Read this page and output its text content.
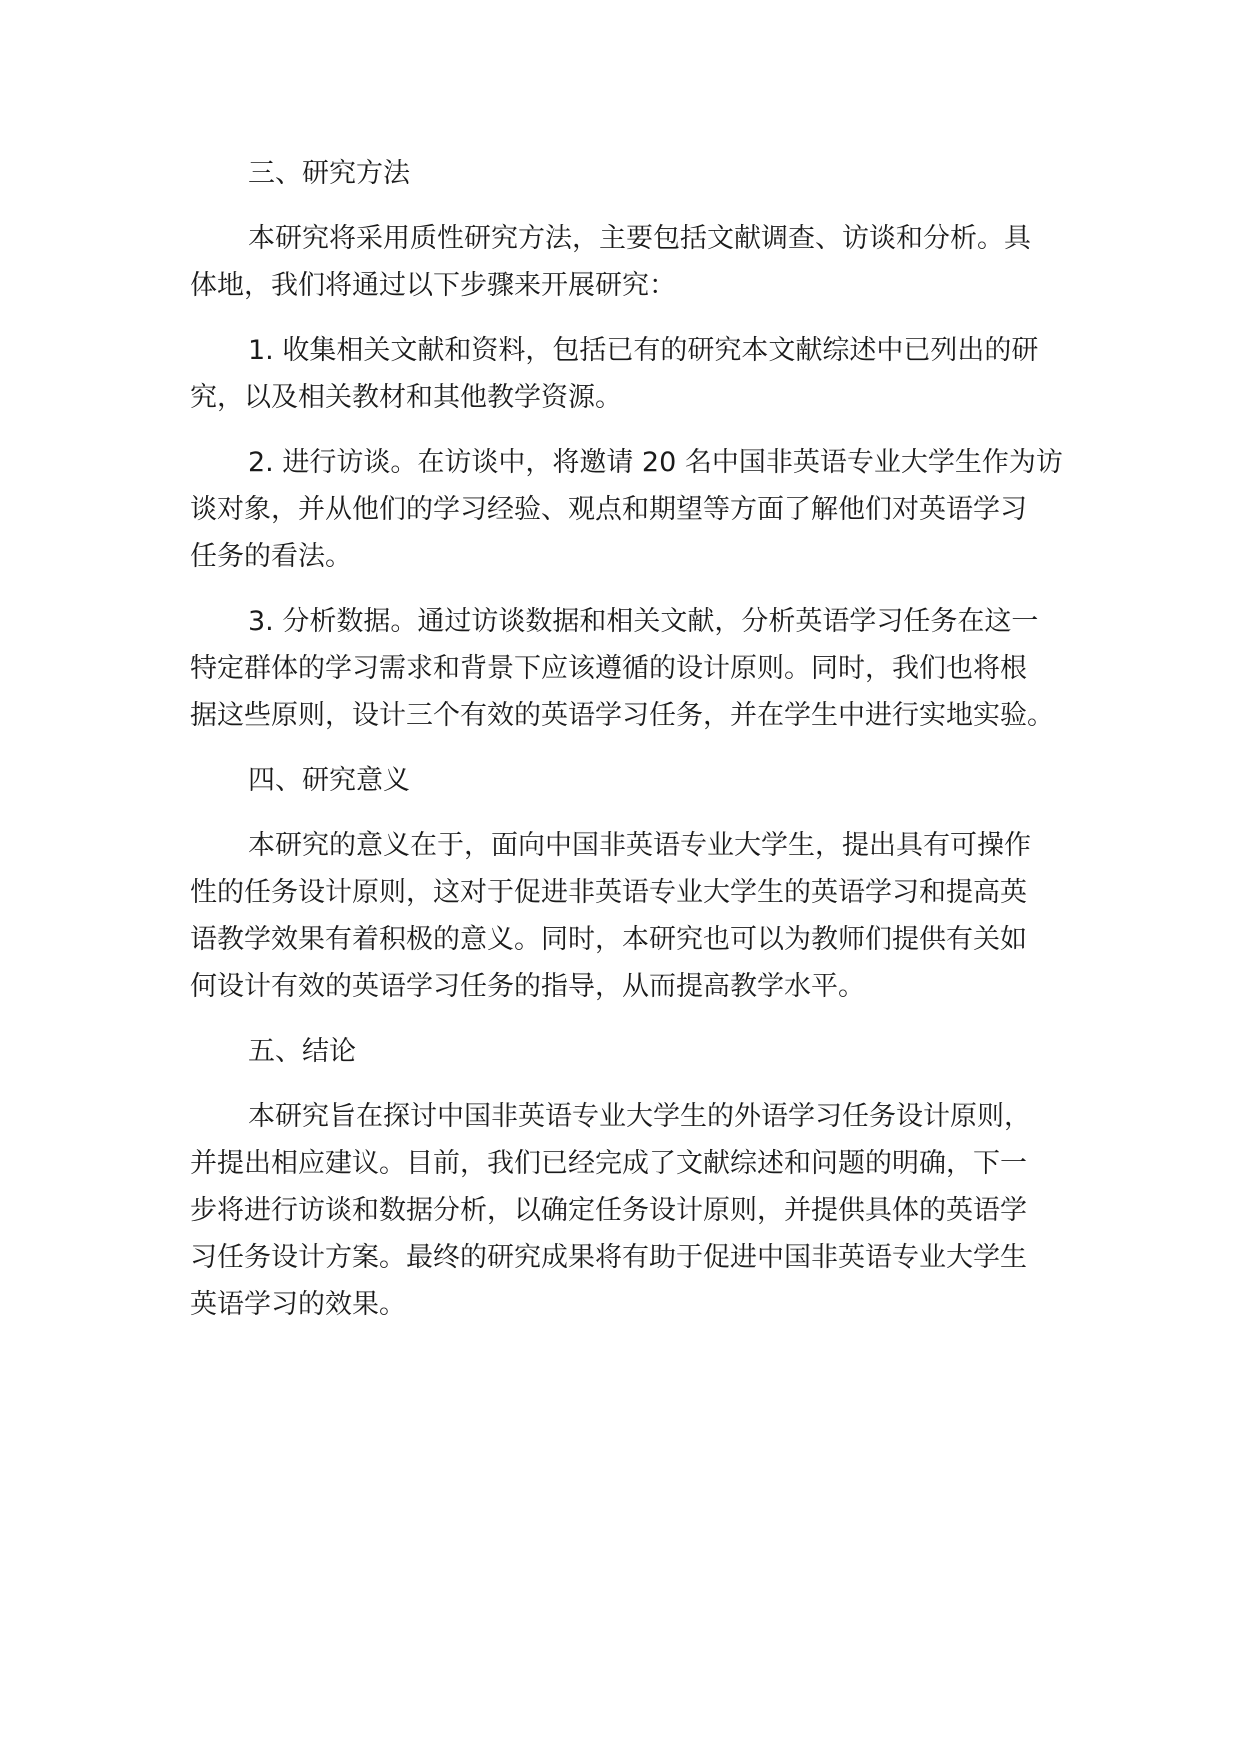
三、研究方法
本研究将采用质性研究方法，主要包括文献调查、访谈和分析。具
体地，我们将通过以下步骤来开展研究：
1. 收集相关文献和资料，包括已有的研究本文献综述中已列出的研
究，以及相关教材和其他教学资源。
2. 进行访谈。在访谈中，将邀请 20 名中国非英语专业大学生作为访
谈对象，并从他们的学习经验、观点和期望等方面了解他们对英语学习
任务的看法。
3. 分析数据。通过访谈数据和相关文献，分析英语学习任务在这一
特定群体的学习需求和背景下应该遵循的设计原则。同时，我们也将根
据这些原则，设计三个有效的英语学习任务，并在学生中进行实地实验。
四、研究意义
本研究的意义在于，面向中国非英语专业大学生，提出具有可操作
性的任务设计原则，这对于促进非英语专业大学生的英语学习和提高英
语教学效果有着积极的意义。同时，本研究也可以为教师们提供有关如
何设计有效的英语学习任务的指导，从而提高教学水平。
五、结论
本研究旨在探讨中国非英语专业大学生的外语学习任务设计原则，
并提出相应建议。目前，我们已经完成了文献综述和问题的明确，下一
步将进行访谈和数据分析，以确定任务设计原则，并提供具体的英语学
习任务设计方案。最终的研究成果将有助于促进中国非英语专业大学生
英语学习的效果。
